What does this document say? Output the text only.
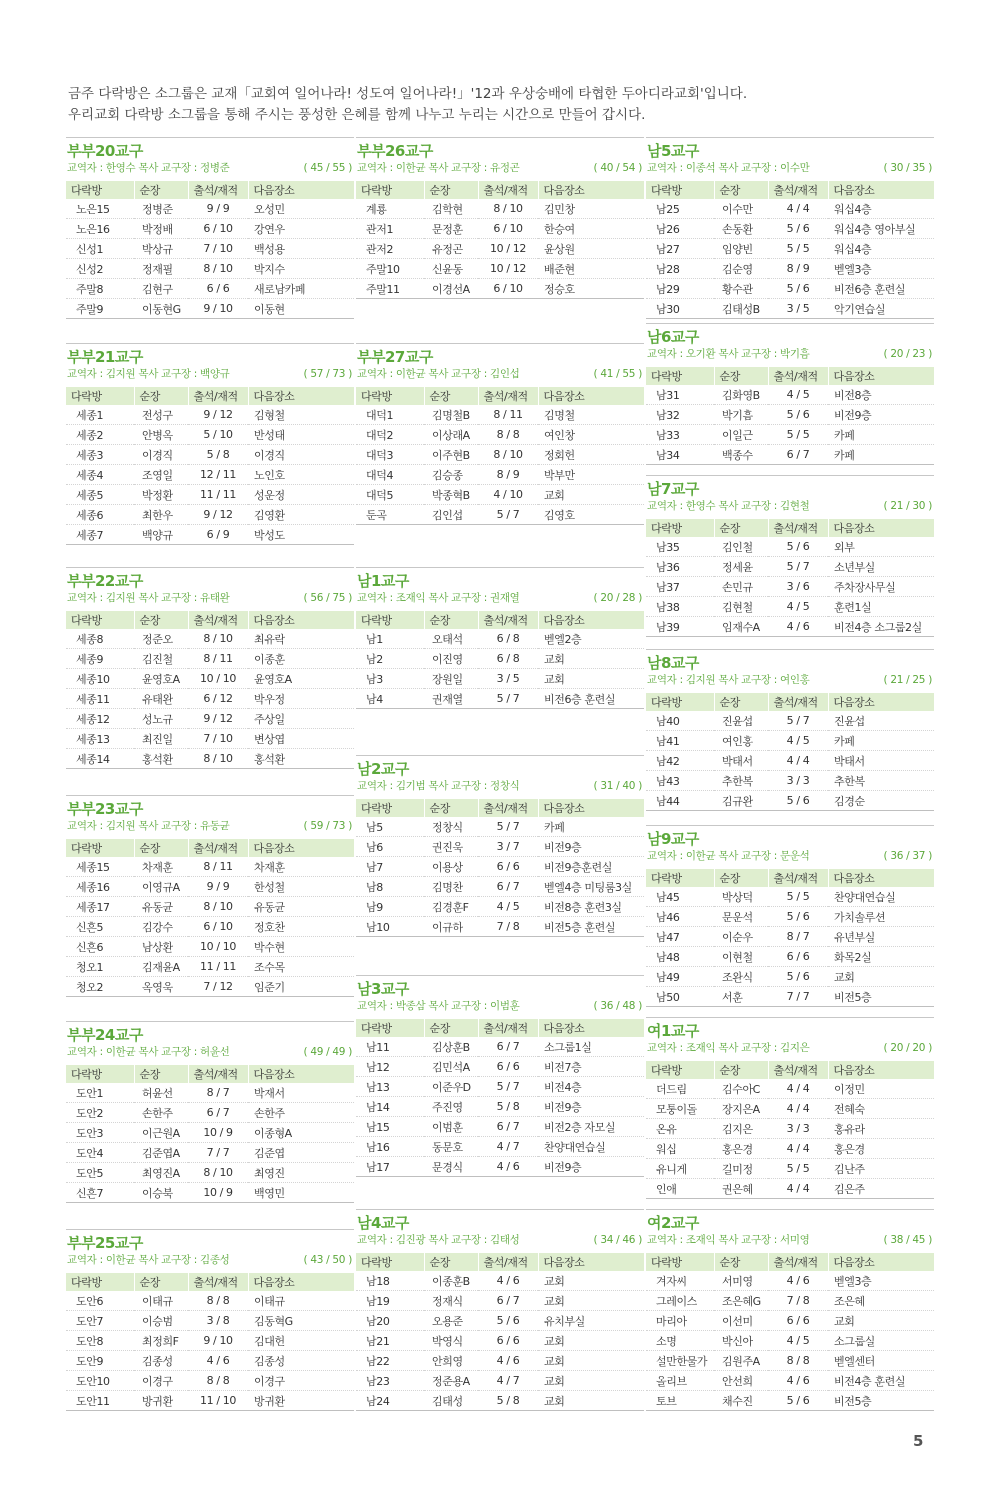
금주 다락방은 소그룹은 교재「교회여 일어나라! 성도여 일어나라!」'12과 우상숭배에 타협한 두아디라교회'입니다.
우리교회 다락방 소그룹을 통해 주시는 풍성한 은혜를 함께 나누고 누리는 시간으로 만들어 갑시다.
부부20교구
교역자 : 한영수 목사 교구장 : 정병준	( 45 / 55 )
다락방	순장	출석/재적	다음장소
노은15	정병준	9 / 9	오성민
노은16	박정배	6 / 10	강연우
신성1	박상규	7 / 10	백성용
신성2	정재필	8 / 10	박지수
주말8	김현구	6 / 6	새로남카페
주말9	이동현G	9 / 10	이동현
부부21교구
교역자 : 김지원 목사 교구장 : 백양규	( 57 / 73 )
다락방	순장	출석/재적	다음장소
세종1	전성구	9 / 12	김형철
세종2	안병옥	5 / 10	반성태
세종3	이경직	5 / 8	이경직
세종4	조영일	12 / 11	노인호
세종5	박정환	11 / 11	성운정
세종6	최한우	9 / 12	김영환
세종7	백양규	6 / 9	박성도
부부22교구
교역자 : 김지원 목사 교구장 : 유태완	( 56 / 75 )
다락방	순장	출석/재적	다음장소
세종8	정준오	8 / 10	최유락
세종9	김진철	8 / 11	이종훈
세종10	윤영호A	10 / 10	윤영호A
세종11	유태완	6 / 12	박우정
세종12	성노규	9 / 12	주상일
세종13	최진일	7 / 10	변상엽
세종14	홍석환	8 / 10	홍석환
부부23교구
교역자 : 김지원 목사 교구장 : 유동균	( 59 / 73 )
다락방	순장	출석/재적	다음장소
세종15	차재훈	8 / 11	차재훈
세종16	이영규A	9 / 9	한성철
세종17	유동균	8 / 10	유동균
신흔5	김강수	6 / 10	정호찬
신흔6	남상환	10 / 10	박수현
청오1	김재윤A	11 / 11	조수목
청오2	옥영욱	7 / 12	임준기
부부24교구
교역자 : 이한균 목사 교구장 : 허윤선	( 49 / 49 )
다락방	순장	출석/재적	다음장소
도안1	허윤선	8 / 7	박재서
도안2	손한주	6 / 7	손한주
도안3	이근원A	10 / 9	이종형A
도안4	김준엽A	7 / 7	김준엽
도안5	최영진A	8 / 10	최영진
신흔7	이승북	10 / 9	백영민
부부25교구
교역자 : 이한균 목사 교구장 : 김종성	( 43 / 50 )
다락방	순장	출석/재적	다음장소
도안6	이태규	8 / 8	이태규
도안7	이승범	3 / 8	김동혁G
도안8	최정희F	9 / 10	김대헌
도안9	김종성	4 / 6	김종성
도안10	이경구	8 / 8	이경구
도안11	방귀환	11 / 10	방귀환
부부26교구
교역자 : 이한균 목사 교구장 : 유정곤	( 40 / 54 )
다락방	순장	출석/재적	다음장소
계룡	김학현	8 / 10	김민창
관저1	문정훈	6 / 10	한승여
관저2	유정곤	10 / 12	윤상원
주말10	신윤동	10 / 12	배준현
주말11	이경선A	6 / 10	정승호
부부27교구
교역자 : 이한균 목사 교구장 : 김인섭	( 41 / 55 )
다락방	순장	출석/재적	다음장소
대덕1	김명철B	8 / 11	김명철
대덕2	이상래A	8 / 8	여인창
대덕3	이주현B	8 / 10	정회헌
대덕4	김승종	8 / 9	박부만
대덕5	박종혁B	4 / 10	교회
둔곡	김인섭	5 / 7	김영호
남1교구
교역자 : 조재익 목사 교구장 : 권재열	( 20 / 28 )
다락방	순장	출석/재적	다음장소
남1	오태석	6 / 8	벧엘2층
남2	이진영	6 / 8	교회
남3	장원일	3 / 5	교회
남4	권재열	5 / 7	비전6층 훈련실
남2교구
교역자 : 김기범 목사 교구장 : 정창식	( 31 / 40 )
다락방	순장	출석/재적	다음장소
남5	정창식	5 / 7	카페
남6	권진욱	3 / 7	비전9층
남7	이용상	6 / 6	비전9층훈련실
남8	김명찬	6 / 7	벧엘4층 미팅룸3실
남9	김경훈F	4 / 5	비전8층 훈련3실
남10	이규하	7 / 8	비전5층 훈련실
남3교구
교역자 : 박종삼 목사 교구장 : 이범훈	( 36 / 48 )
다락방	순장	출석/재적	다음장소
남11	김상훈B	6 / 7	소그룹1실
남12	김민석A	6 / 6	비전7층
남13	이준우D	5 / 7	비전4층
남14	주진영	5 / 8	비전9층
남15	이범훈	6 / 7	비전2층 자모실
남16	동문호	4 / 7	찬양대연습실
남17	문경식	4 / 6	비전9층
남4교구
교역자 : 김진광 목사 교구장 : 김태성	( 34 / 46 )
다락방	순장	출석/재적	다음장소
남18	이종훈B	4 / 6	교회
남19	정재식	6 / 7	교회
남20	오용준	5 / 6	유치부실
남21	박영식	6 / 6	교회
남22	안희영	4 / 6	교회
남23	정준용A	4 / 7	교회
남24	김태성	5 / 8	교회
남5교구
교역자 : 이종석 목사 교구장 : 이수만	( 30 / 35 )
다락방	순장	출석/재적	다음장소
남25	이수만	4 / 4	워십4층
남26	손동환	5 / 6	워십4층 영아부실
남27	임양빈	5 / 5	워십4층
남28	김순영	8 / 9	벧엘3층
남29	황수관	5 / 6	비전6층 훈련실
남30	김태성B	3 / 5	악기연습실
남6교구
교역자 : 오기환 목사 교구장 : 박기흠	( 20 / 23 )
다락방	순장	출석/재적	다음장소
남31	김화영B	4 / 5	비전8층
남32	박기흠	5 / 6	비전9층
남33	이일근	5 / 5	카페
남34	백종수	6 / 7	카페
남7교구
교역자 : 한영수 목사 교구장 : 김현철	( 21 / 30 )
다락방	순장	출석/재적	다음장소
남35	김인철	5 / 6	외부
남36	정세윤	5 / 7	소년부실
남37	손민규	3 / 6	주차장사무실
남38	김현철	4 / 5	훈련1실
남39	임재수A	4 / 6	비전4층 소그룹2실
남8교구
교역자 : 김지원 목사 교구장 : 여인홍	( 21 / 25 )
다락방	순장	출석/재적	다음장소
남40	진윤섭	5 / 7	진윤섭
남41	여인홍	4 / 5	카페
남42	박태서	4 / 4	박태서
남43	추한복	3 / 3	추한복
남44	김규완	5 / 6	김경순
남9교구
교역자 : 이한균 목사 교구장 : 문운석	( 36 / 37 )
다락방	순장	출석/재적	다음장소
남45	박상덕	5 / 5	찬양대연습실
남46	문운석	5 / 6	가치솔루션
남47	이순우	8 / 7	유년부실
남48	이현철	6 / 6	화목2실
남49	조완식	5 / 6	교회
남50	서훈	7 / 7	비전5층
여1교구
교역자 : 조재익 목사 교구장 : 김지은	( 20 / 20 )
다락방	순장	출석/재적	다음장소
더드림	김수아C	4 / 4	이정민
모퉁이돌	장지은A	4 / 4	전혜숙
온유	김지은	3 / 3	홍유라
워십	홍은경	4 / 4	홍은경
유니게	길미정	5 / 5	김난주
인애	권은혜	4 / 4	김은주
여2교구
교역자 : 조재익 목사 교구장 : 서미영	( 38 / 45 )
다락방	순장	출석/재적	다음장소
겨자씨	서미영	4 / 6	벧엘3층
그레이스	조은혜G	7 / 8	조은혜
마리아	이선미	6 / 6	교회
소명	박신아	4 / 5	소그룹실
설만한물가	김원주A	8 / 8	벧엘센터
올리브	안선희	4 / 6	비전4층 훈련실
토브	채수진	5 / 6	비전5층
5
